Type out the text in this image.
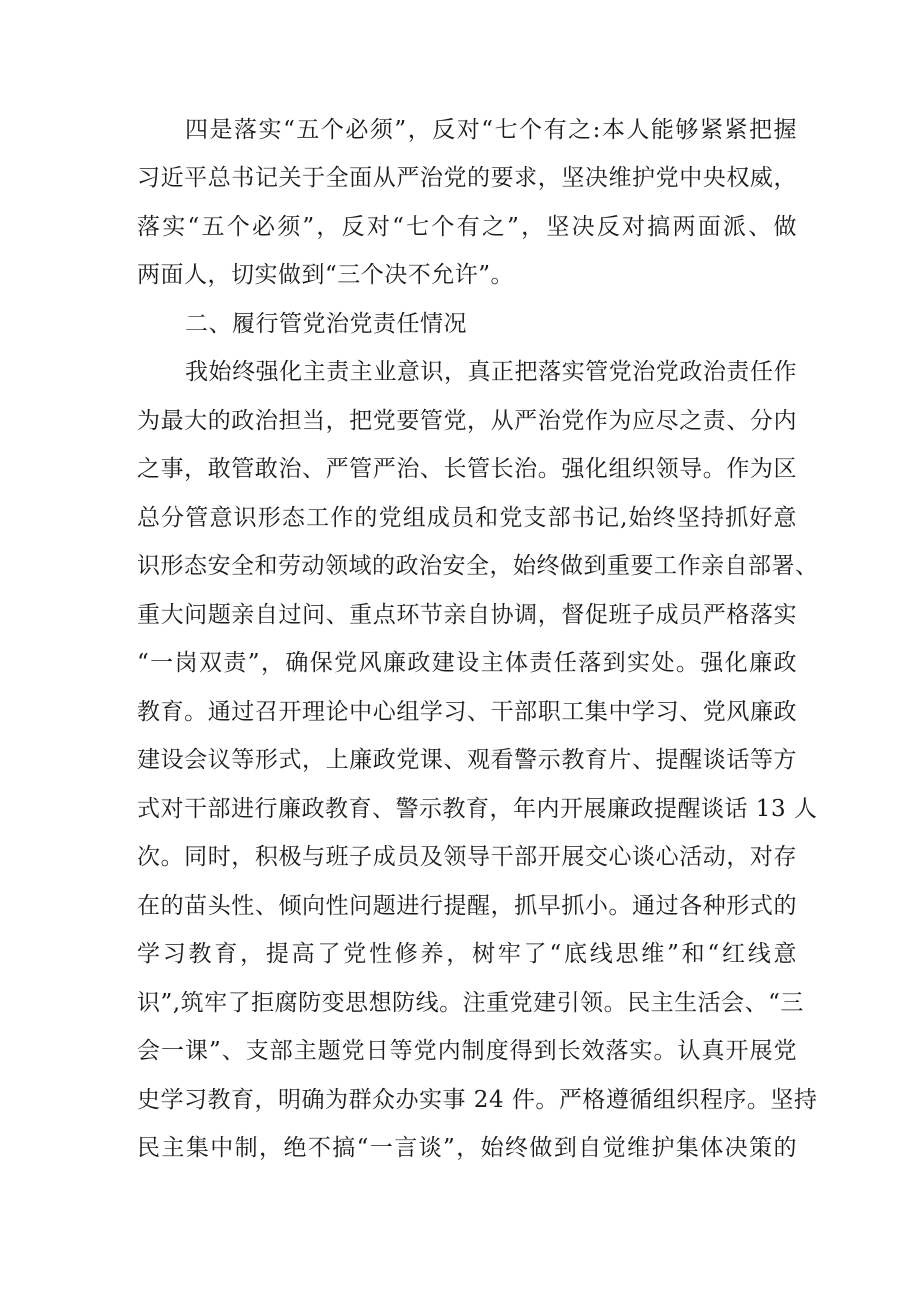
四是落实“五个必须”，反对“七个有之:本人能够紧紧把握
习近平总书记关于全面从严治党的要求，坚决维护党中央权威，
落实“五个必须”，反对“七个有之”，坚决反对搞两面派、做
两面人，切实做到“三个决不允许”。
二、履行管党治党责任情况
我始终强化主责主业意识，真正把落实管党治党政治责任作
为最大的政治担当，把党要管党，从严治党作为应尽之责、分内
之事，敢管敢治、严管严治、长管长治。强化组织领导。作为区
总分管意识形态工作的党组成员和党支部书记,始终坚持抓好意
识形态安全和劳动领域的政治安全，始终做到重要工作亲自部署、
重大问题亲自过问、重点环节亲自协调，督促班子成员严格落实
“一岗双责”，确保党风廉政建设主体责任落到实处。强化廉政
教育。通过召开理论中心组学习、干部职工集中学习、党风廉政
建设会议等形式，上廉政党课、观看警示教育片、提醒谈话等方
式对干部进行廉政教育、警示教育，年内开展廉政提醒谈话 13 人
次。同时，积极与班子成员及领导干部开展交心谈心活动，对存
在的苗头性、倾向性问题进行提醒，抓早抓小。通过各种形式的
学习教育，提高了党性修养，树牢了“底线思维”和“红线意
识”,筑牢了拒腐防变思想防线。注重党建引领。民主生活会、“三
会一课”、支部主题党日等党内制度得到长效落实。认真开展党
史学习教育，明确为群众办实事 24 件。严格遵循组织程序。坚持
民主集中制，绝不搞“一言谈”，始终做到自觉维护集体决策的
